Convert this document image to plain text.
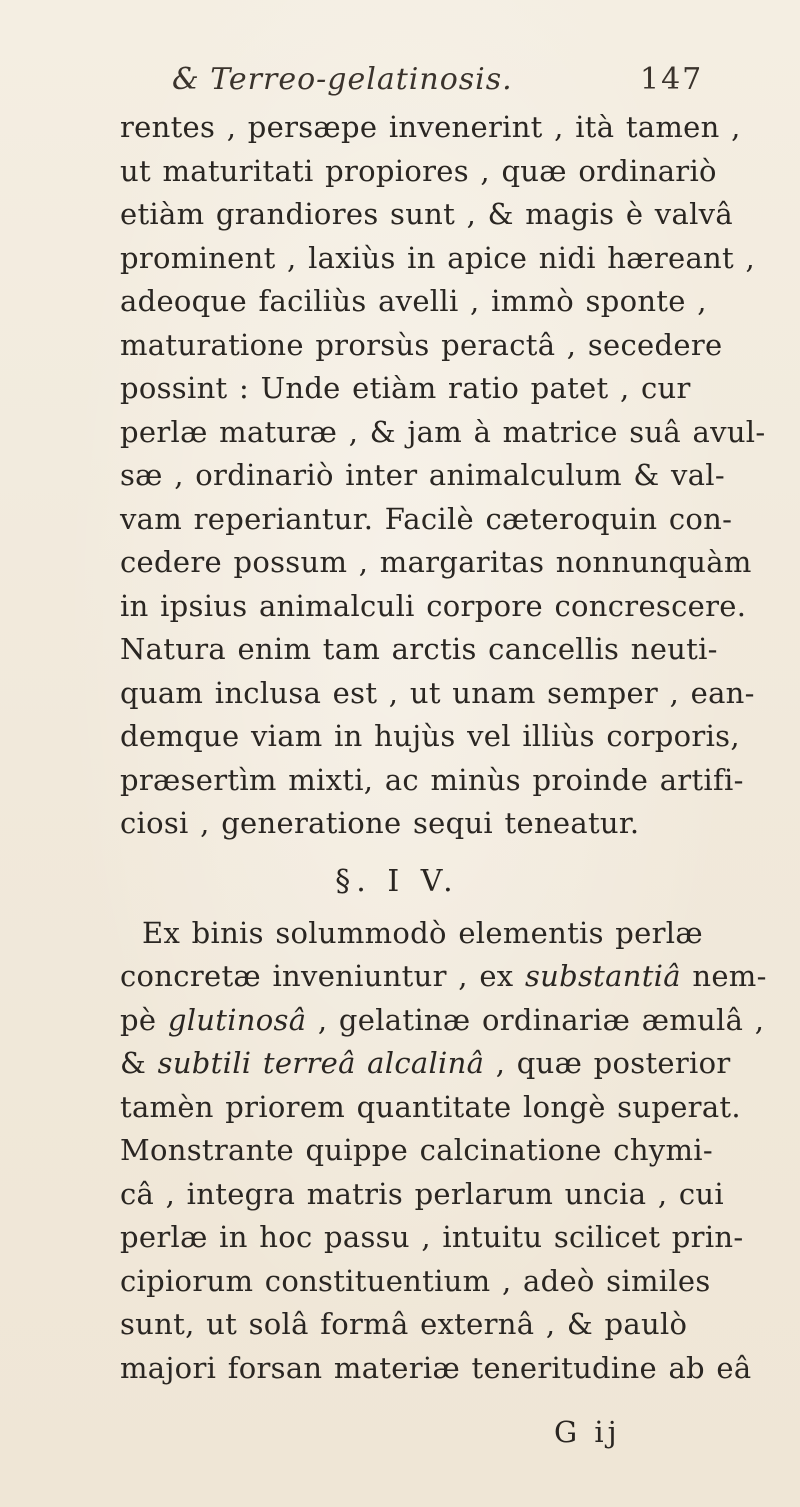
& Terreo-gelatinosis.	147
rentes , persæpe invenerint , ità tamen ,
ut maturitati propiores , quæ ordinariò
etiàm grandiores sunt , & magis è valvâ
prominent , laxiùs in apice nidi hæreant ,
adeoque faciliùs avelli , immò sponte ,
maturatione prorsùs peractâ , secedere
possint : Unde etiàm ratio patet , cur
perlæ maturæ , & jam à matrice suâ avul-
sæ , ordinariò inter animalculum & val-
vam reperiantur. Facilè cæteroquin con-
cedere possum , margaritas nonnunquàm
in ipsius animalculi corpore concrescere.
Natura enim tam arctis cancellis neuti-
quam inclusa est , ut unam semper , ean-
demque viam in hujùs vel illiùs corporis,
præsertìm mixti, ac minùs proinde artifi-
ciosi , generatione sequi teneatur.
§. I V.
Ex binis solummodò elementis perlæ
concretæ inveniuntur , ex substantiâ nem-
pè glutinosâ , gelatinæ ordinariæ æmulâ ,
& subtili terreâ alcalinâ , quæ posterior
tamèn priorem quantitate longè superat.
Monstrante quippe calcinatione chymi-
câ , integra matris perlarum uncia , cui
perlæ in hoc passu , intuitu scilicet prin-
cipiorum constituentium , adeò similes
sunt, ut solâ formâ externâ , & paulò
majori forsan materiæ teneritudine ab eâ
G ij
